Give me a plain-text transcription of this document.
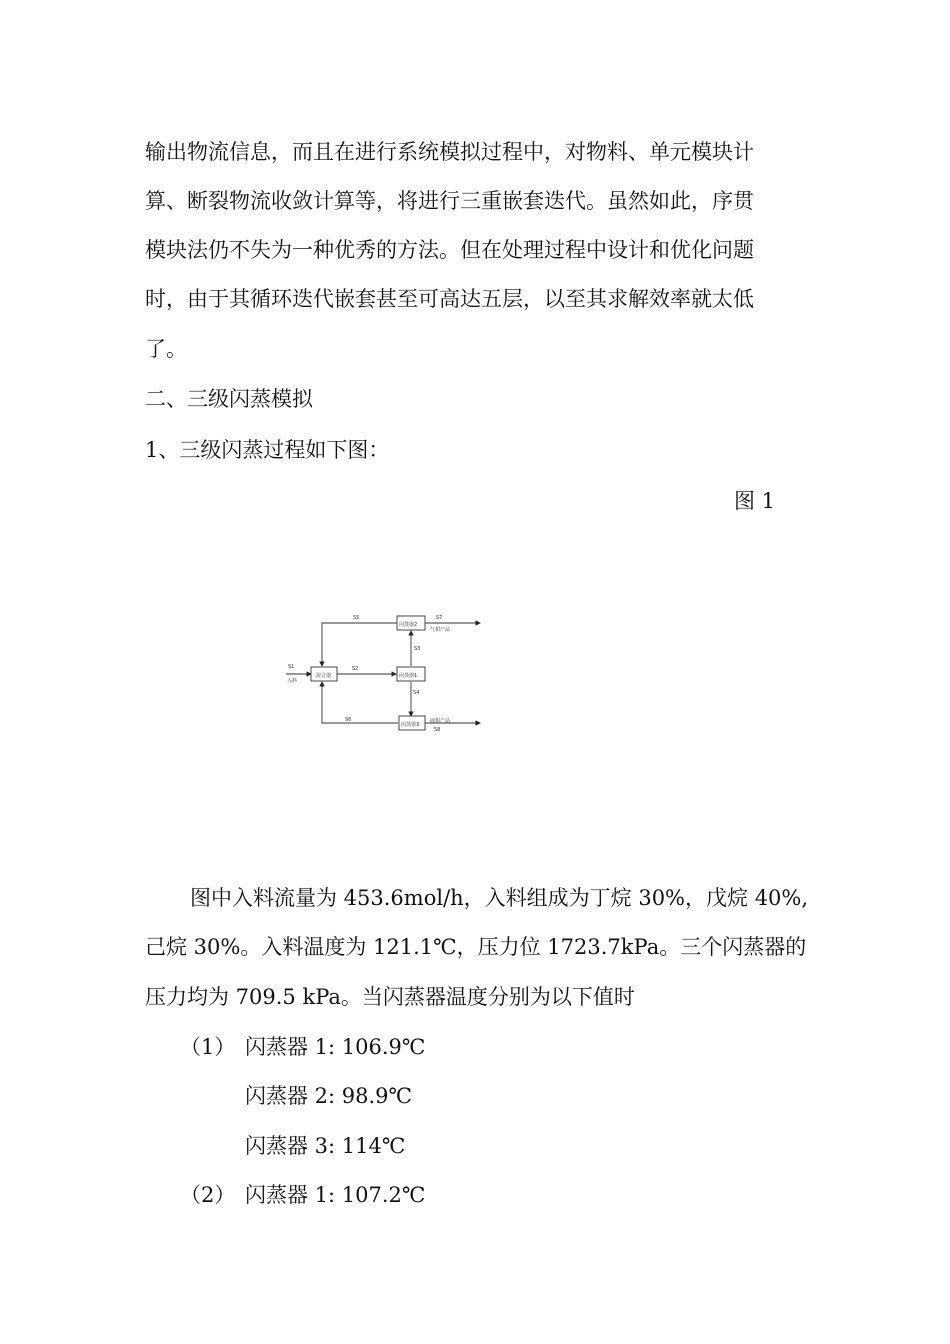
输出物流信息，而且在进行系统模拟过程中，对物料、单元模块计
算、断裂物流收敛计算等，将进行三重嵌套迭代。虽然如此，序贯
模块法仍不失为一种优秀的方法。但在处理过程中设计和优化问题
时，由于其循环迭代嵌套甚至可高达五层，以至其求解效率就太低
了。
二、三级闪蒸模拟
1、三级闪蒸过程如下图：
图 1
混合器	闪蒸器1
闪蒸器2
闪蒸器3
入料
气相产品
液相产品
S1	S2
S3
S4
S5
S6
S7
S8
图中入料流量为 453.6mol/h，入料组成为丁烷 30%，戊烷 40%,
己烷 30%。入料温度为 121.1℃，压力位 1723.7kPa。三个闪蒸器的
压力均为 709.5 kPa。当闪蒸器温度分别为以下值时
（1） 闪蒸器 1: 106.9℃
闪蒸器 2: 98.9℃
闪蒸器 3: 114℃
（2） 闪蒸器 1: 107.2℃
